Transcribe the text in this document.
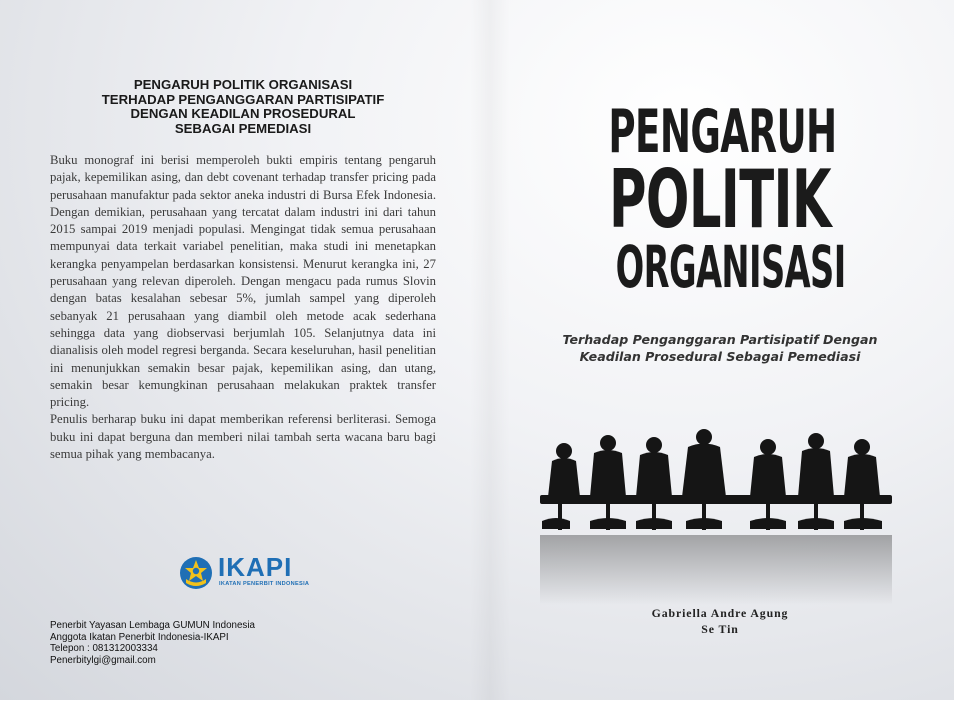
PENGARUH POLITIK ORGANISASI
TERHADAP PENGANGGARAN PARTISIPATIF
DENGAN KEADILAN PROSEDURAL
SEBAGAI PEMEDIASI

Buku monograf ini berisi memperoleh bukti empiris tentang pengaruh pajak, kepemilikan asing, dan debt covenant terhadap transfer pricing pada perusahaan manufaktur pada sektor aneka industri di Bursa Efek Indonesia. Dengan demikian, perusahaan yang tercatat dalam industri ini dari tahun 2015 sampai 2019 menjadi populasi. Mengingat tidak semua perusahaan mempunyai data terkait variabel penelitian, maka studi ini menetapkan kerangka penyampelan berdasarkan konsistensi. Menurut kerangka ini, 27 perusahaan yang relevan diperoleh. Dengan mengacu pada rumus Slovin dengan batas kesalahan sebesar 5%, jumlah sampel yang diperoleh sebanyak 21 perusahaan yang diambil oleh metode acak sederhana sehingga data yang diobservasi berjumlah 105. Selanjutnya data ini dianalisis oleh model regresi berganda. Secara keseluruhan, hasil penelitian ini menunjukkan semakin besar pajak, kepemilikan asing, dan utang, semakin besar kemungkinan perusahaan melakukan praktek transfer pricing.

Penulis berharap buku ini dapat memberikan referensi berliterasi. Semoga buku ini dapat berguna dan memberi nilai tambah serta wacana baru bagi semua pihak yang membacanya.

IKAPI
IKATAN PENERBIT INDONESIA
Penerbit Yayasan Lembaga GUMUN Indonesia
Anggota Ikatan Penerbit Indonesia-IKAPI
Telepon : 081312003334
Penerbitylgi@gmail.com
PENGARUH
POLITIK
ORGANISASI
Terhadap Penganggaran Partisipatif Dengan
Keadilan Prosedural Sebagai Pemediasi
Gabriella Andre Agung
Se Tin
